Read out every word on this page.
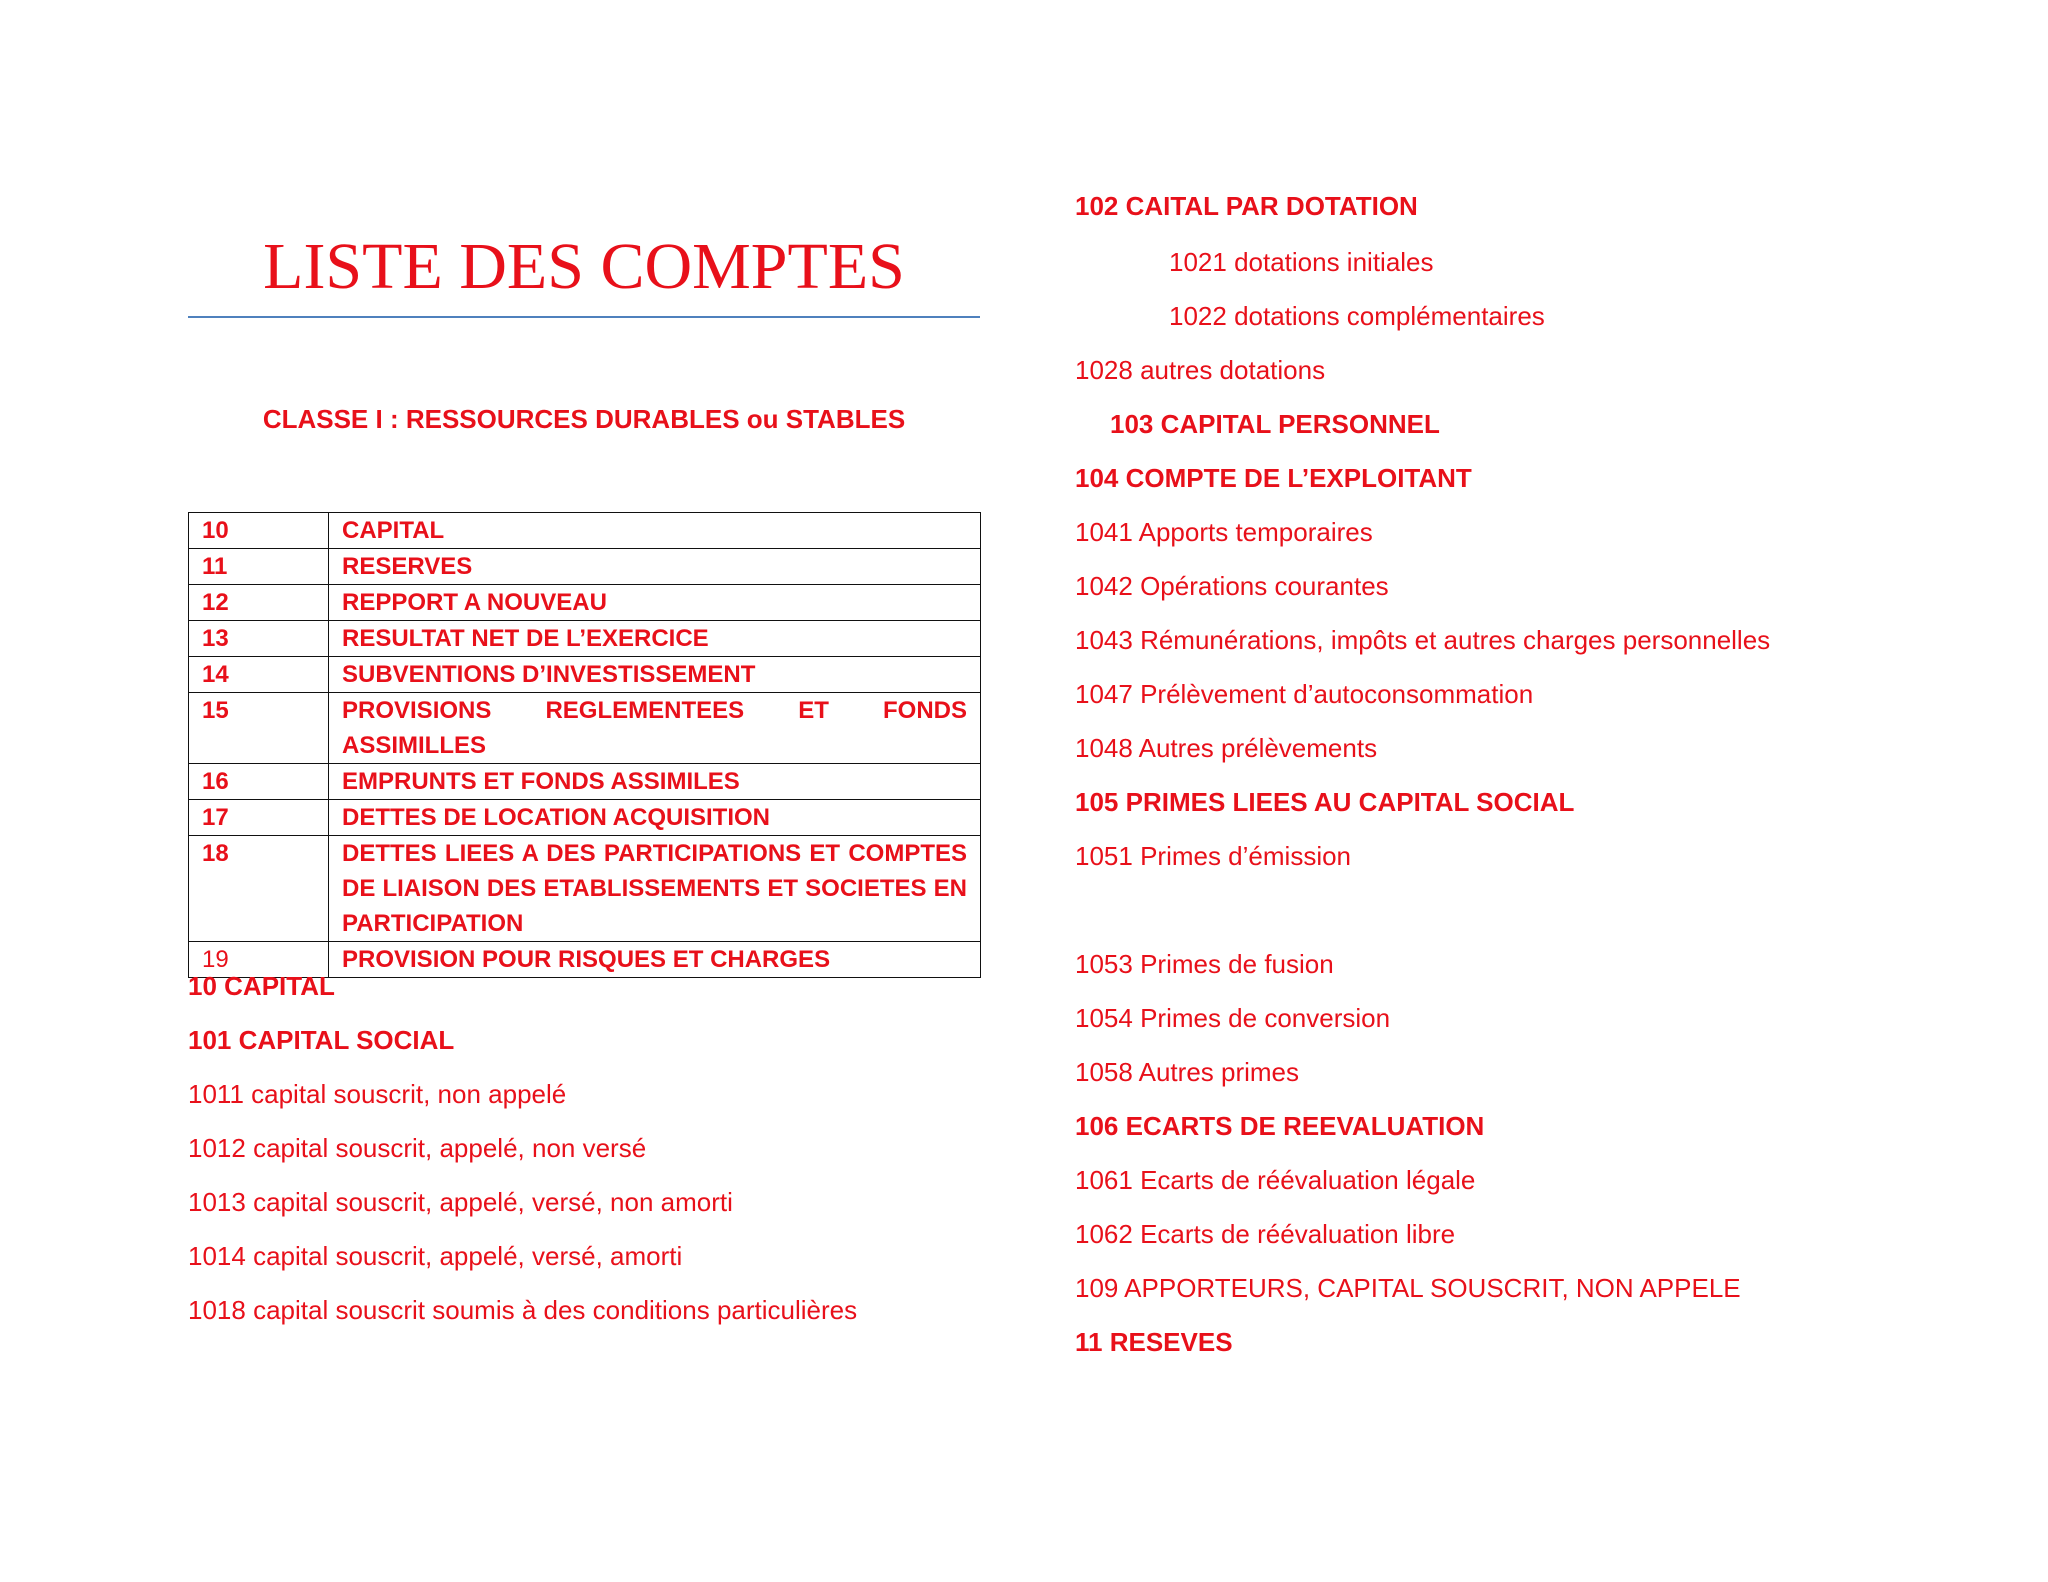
LISTE DES COMPTES
CLASSE I : RESSOURCES DURABLES ou STABLES
10	CAPITAL
11	RESERVES
12	REPPORT A NOUVEAU
13	RESULTAT NET DE L’EXERCICE
14	SUBVENTIONS D’INVESTISSEMENT
15	PROVISIONS REGLEMENTEES ET FONDS ASSIMILLES
16	EMPRUNTS ET FONDS ASSIMILES
17	DETTES DE LOCATION ACQUISITION
18	DETTES LIEES A DES PARTICIPATIONS ET COMPTES DE LIAISON DES ETABLISSEMENTS ET SOCIETES EN PARTICIPATION
19	PROVISION POUR RISQUES ET CHARGES
10 CAPITAL
101 CAPITAL SOCIAL
1011 capital souscrit, non appelé
1012 capital souscrit, appelé, non versé
1013 capital souscrit, appelé, versé, non amorti
1014 capital souscrit, appelé, versé, amorti
1018 capital souscrit soumis à des conditions particulières
102 CAITAL PAR DOTATION
1021 dotations initiales
1022 dotations complémentaires
1028 autres dotations
103 CAPITAL PERSONNEL
104 COMPTE DE L’EXPLOITANT
1041 Apports temporaires
1042 Opérations courantes
1043 Rémunérations, impôts et autres charges personnelles
1047 Prélèvement d’autoconsommation
1048 Autres prélèvements
105 PRIMES LIEES AU CAPITAL SOCIAL
1051 Primes d’émission
1053 Primes de fusion
1054 Primes de conversion
1058 Autres primes
106 ECARTS DE REEVALUATION
1061 Ecarts de réévaluation légale
1062 Ecarts de réévaluation libre
109 APPORTEURS, CAPITAL SOUSCRIT, NON APPELE
11 RESEVES
